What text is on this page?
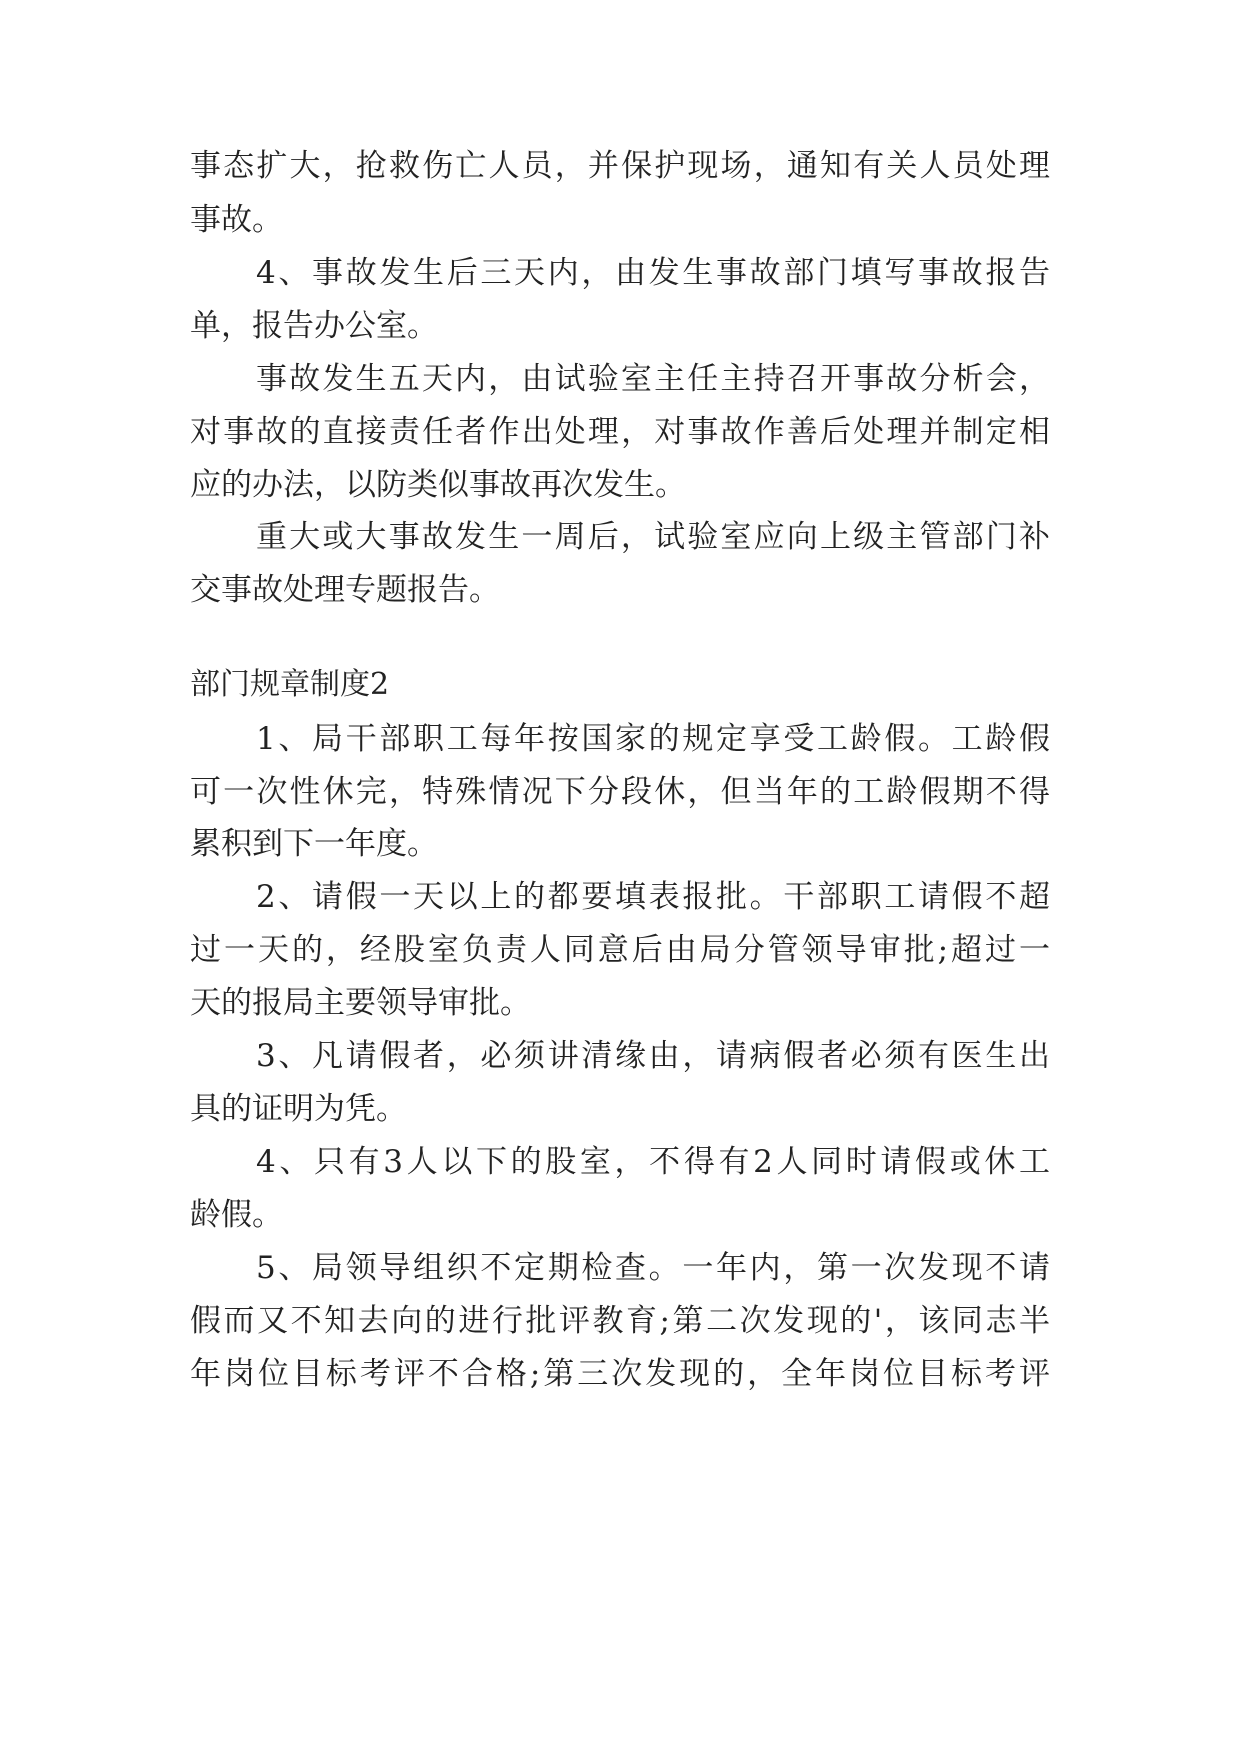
事态扩大，抢救伤亡人员，并保护现场，通知有关人员处理
事故。
4、事故发生后三天内，由发生事故部门填写事故报告
单，报告办公室。
事故发生五天内，由试验室主任主持召开事故分析会，
对事故的直接责任者作出处理，对事故作善后处理并制定相
应的办法，以防类似事故再次发生。
重大或大事故发生一周后，试验室应向上级主管部门补
交事故处理专题报告。
部门规章制度2
1、局干部职工每年按国家的规定享受工龄假。工龄假
可一次性休完，特殊情况下分段休，但当年的工龄假期不得
累积到下一年度。
2、请假一天以上的都要填表报批。干部职工请假不超
过一天的，经股室负责人同意后由局分管领导审批;超过一
天的报局主要领导审批。
3、凡请假者，必须讲清缘由，请病假者必须有医生出
具的证明为凭。
4、只有3人以下的股室，不得有2人同时请假或休工
龄假。
5、局领导组织不定期检查。一年内，第一次发现不请
假而又不知去向的进行批评教育;第二次发现的'，该同志半
年岗位目标考评不合格;第三次发现的，全年岗位目标考评
